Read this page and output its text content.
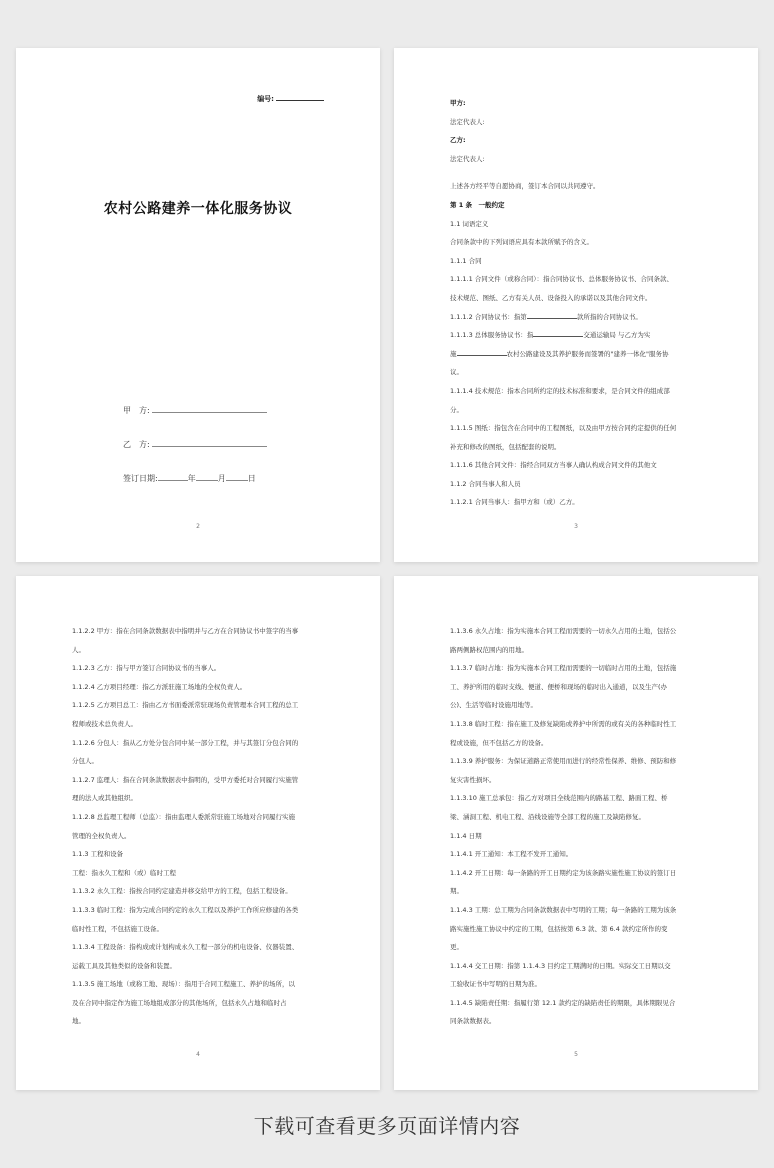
编号:
农村公路建养一体化服务协议
甲　方:
乙　方:
签订日期:	年	月	日
2

甲方:

法定代表人:

乙方:

法定代表人:

上述各方经平等自愿协商，签订本合同以共同遵守。

第 1 条　一般约定

1.1 词语定义

合同条款中的下列词语应具有本款所赋予的含义。

1.1.1 合同

1.1.1.1 合同文件（或称合同）：指合同协议书、总体服务协议书、合同条款、

技术规范、图纸、乙方有关人员、设备投入的承诺以及其他合同文件。

1.1.1.2 合同协议书：指第	款所指的合同协议书。

1.1.1.3 总体服务协议书：指	交通运输局 与乙方为实

施	农村公路建设及其养护服务而签署的"建养一体化"服务协

议。

1.1.1.4 技术规范：指本合同所约定的技术标准和要求，是合同文件的组成部

分。

1.1.1.5 图纸：指包含在合同中的工程图纸，以及由甲方按合同约定提供的任何

补充和修改的图纸，包括配套的说明。

1.1.1.6 其他合同文件：指经合同双方当事人确认构成合同文件的其他文

1.1.2 合同当事人和人员

1.1.2.1 合同当事人：指甲方和（或）乙方。

3

1.1.2.2 甲方：指在合同条款数据表中指明并与乙方在合同协议书中签字的当事

人。

1.1.2.3 乙方：指与甲方签订合同协议书的当事人。

1.1.2.4 乙方项目经理：指乙方派驻施工场地的全权负责人。

1.1.2.5 乙方项目总工：指由乙方书面委派常驻现场负责管理本合同工程的总工

程师或技术总负责人。

1.1.2.6 分包人：指从乙方处分包合同中某一部分工程，并与其签订分包合同的

分包人。

1.1.2.7 监理人：指在合同条款数据表中指明的，受甲方委托对合同履行实施管

理的法人或其他组织。

1.1.2.8 总监理工程师（总监）：指由监理人委派常驻施工场地对合同履行实施

管理的全权负责人。

1.1.3 工程和设备

工程：指永久工程和（或）临时工程

1.1.3.2 永久工程：指按合同约定建造并移交给甲方的工程，包括工程设备。

1.1.3.3 临时工程：指为完成合同约定的永久工程以及养护工作所应修建的各类

临时性工程，不包括施工设备。

1.1.3.4 工程设备：指构成或计划构成永久工程一部分的机电设备、仪器装置、

运载工具及其他类似的设备和装置。

1.1.3.5 施工场地（或称工地、现场）：指用于合同工程施工、养护的场所，以

及在合同中指定作为施工场地组成部分的其他场所，包括永久占地和临时占

地。

4

1.1.3.6 永久占地：指为实施本合同工程而需要的一切永久占用的土地，包括公

路两侧路权范围内的用地。

1.1.3.7 临时占地：指为实施本合同工程而需要的一切临时占用的土地，包括施

工、养护所用的临时支线、便道、便桥和现场的临时出入通道，以及生产(办

公)、生活等临时设施用地等。

1.1.3.8 临时工程：指在施工及修复缺陷或养护中所需的或有关的各种临时性工

程或设施，但不包括乙方的设备。

1.1.3.9 养护服务：为保证道路正常使用而进行的经常性保养、维修、预防和修

复灾害性损坏。

1.1.3.10 施工总承包：指乙方对项目全线范围内的路基工程、路面工程、桥

梁、涵洞工程、机电工程、沿线设施等全部工程的施工及缺陷修复。

1.1.4 日期

1.1.4.1 开工通知：本工程不发开工通知。

1.1.4.2 开工日期：每一条路的开工日期约定为该条路实施性施工协议的签订日

期。

1.1.4.3 工期：总工期为合同条款数据表中写明的工期；每一条路的工期为该条

路实施性施工协议中约定的工期，包括按第 6.3 款、第 6.4 款约定所作的变

更。

1.1.4.4 交工日期：指第 1.1.4.3 目约定工期满时的日期。实际交工日期以交

工验收证书中写明的日期为准。

1.1.4.5 缺陷责任期：指履行第 12.1 款约定的缺陷责任的期限，具体期限见合

同条款数据表。

5
下载可查看更多页面详情内容
